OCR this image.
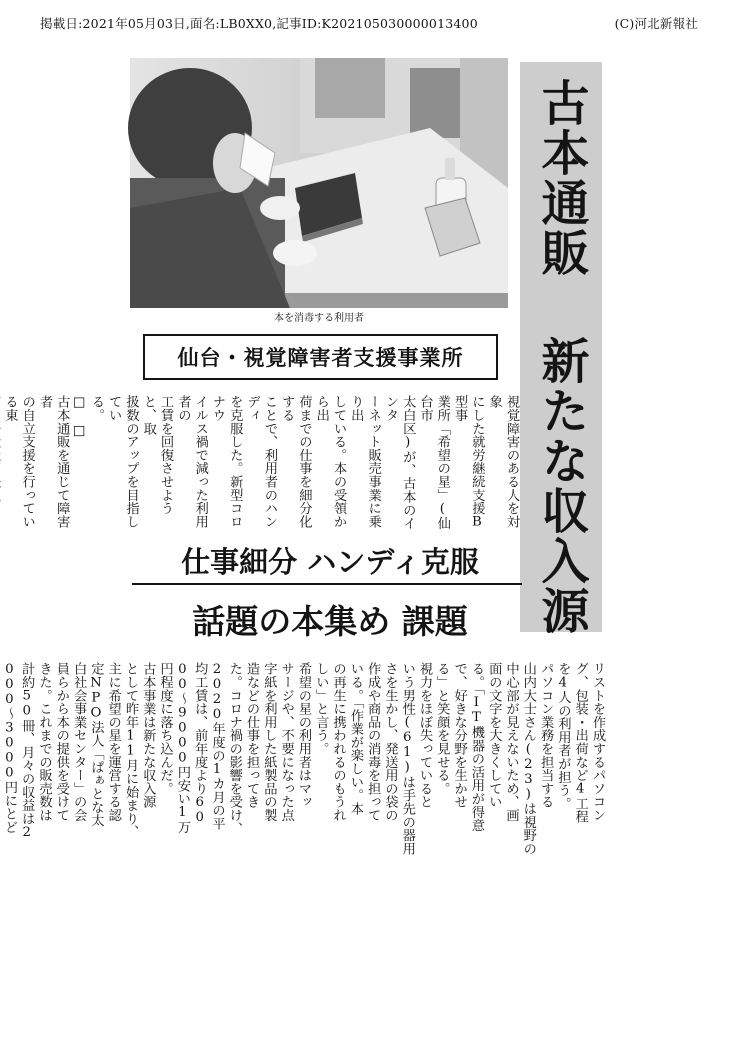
掲載日:2021年05月03日,面名:LB0XX0,記事ID:K202105030000013400	(C)河北新報社
本を消毒する利用者	古本通販 新たな収入源
仙台・視覚障害者支援事業所
視覚障害のある人を対象
にした就労継続支援B型事
業所「希望の星」(仙台市
太白区)が、古本のインタ
ーネット販売事業に乗り出
している。本の受領から出
荷までの仕事を細分化する
ことで、利用者のハンディ
を克服した。新型コロナウ
イルス禍で減った利用者の
工賃を回復させようと、取
扱数のアップを目指してい
る。
□　□
古本通販を通じて障害者
の自立支援を行っている東
仕事細分 ハンディ克服
話題の本集め 課題
リストを作成するパソコン
グ、包装・出荷など4工程
を4人の利用者が担う。
パソコン業務を担当する
山内大士さん(23)は視野の
中心部が見えないため、画
面の文字を大きくしてい
る。「IT機器の活用が得意
で、好きな分野を生かせ
る」と笑顔を見せる。
視力をほぼ失っていると
いう男性(61)は手先の器用
さを生かし、発送用の袋の
作成や商品の消毒を担って
いる。「作業が楽しい。本
の再生に携われるのもうれ
しい」と言う。
希望の星の利用者はマッ
サージや、不要になった点
字紙を利用した紙製品の製
造などの仕事を担ってき
た。コロナ禍の影響を受け、
2020年度の1カ月の平
均工賃は、前年度より60
00〜9000円安い1万
円程度に落ち込んだ。
古本事業は新たな収入源
として昨年11月に始まり、
主に希望の星を運営する認
定NPO法人「ぱぁとな太
白社会事業センター」の会
員らから本の提供を受けて
きた。これまでの販売数は
計約50冊、月々の収益は2
000〜3000円にとど
